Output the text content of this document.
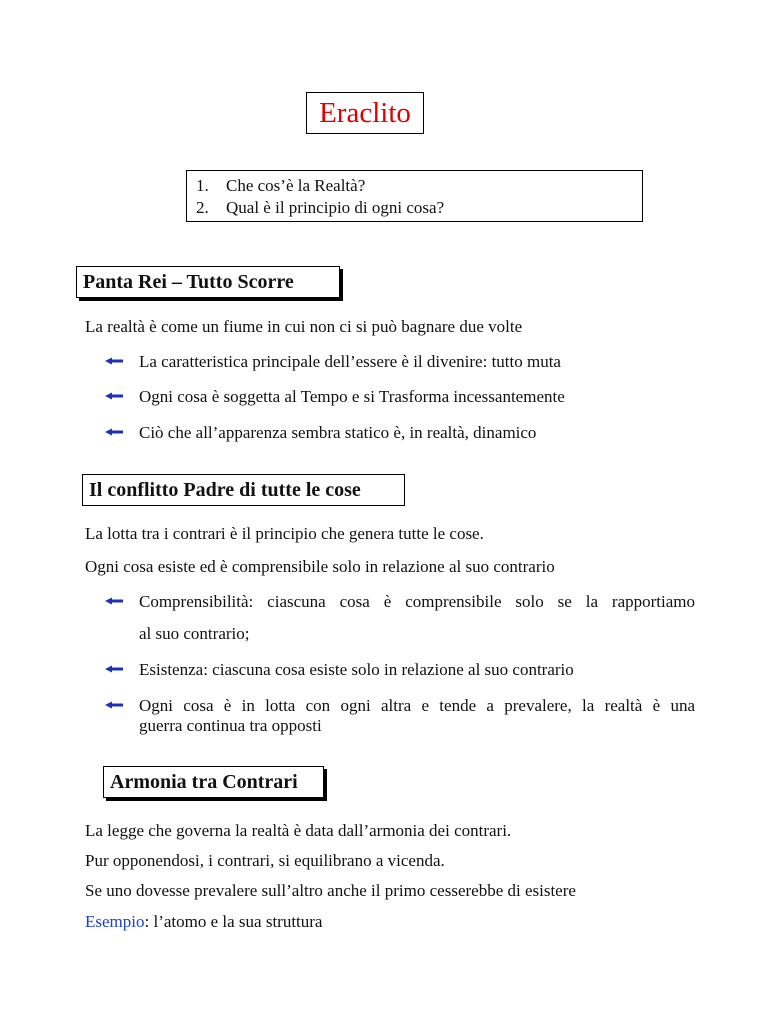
Eraclito
1.	Che cos’è la Realtà?
2.	Qual è il principio di ogni cosa?
Panta Rei – Tutto Scorre
La realtà è come un fiume in cui non ci si può bagnare due volte
La caratteristica principale dell’essere è il divenire: tutto muta
Ogni cosa è soggetta al Tempo e si Trasforma incessantemente
Ciò che all’apparenza sembra statico è, in realtà, dinamico
Il conflitto Padre di tutte le cose
La lotta tra i contrari è il principio che genera tutte le cose.
Ogni cosa esiste ed è comprensibile solo in relazione al suo contrario
Comprensibilità: ciascuna cosa è comprensibile solo se la rapportiamo
al suo contrario;
Esistenza: ciascuna cosa esiste solo in relazione al suo contrario
Ogni cosa è in lotta con ogni altra e tende a prevalere, la realtà è una
guerra continua tra opposti
Armonia tra Contrari
La legge che governa la realtà è data dall’armonia dei contrari.
Pur opponendosi, i contrari, si equilibrano a vicenda.
Se uno dovesse prevalere sull’altro anche il primo cesserebbe di esistere
Esempio: l’atomo e la sua struttura
